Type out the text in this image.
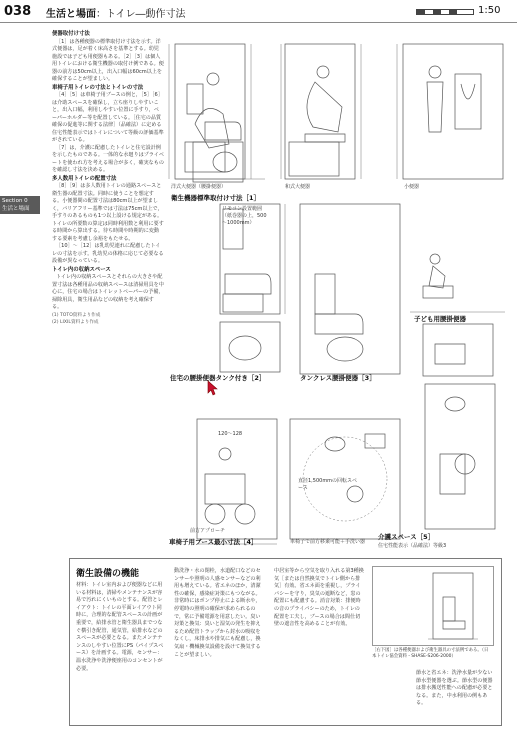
038 生活と場面：トイレ―動作寸法	1:50
Section 0
生活と場面
便器取付け寸法

［1］は各種便器の標準取付け寸法を示す。洋式便器は，足が着く床高さを基準とする。幼児施設では子ども用便器もある。［2］［3］は個人用トイレにおける衛生機器の取付け例である。便器の前方は50cm以上，出入口幅は60cm以上を確保することが望ましい。

車椅子用トイレの寸法とトイレの寸法

［4］［5］は車椅子用ブースの例と，［5］［6］は介助スペースを確保し，立ち座りしやすいこと，出入口幅，利用しやすい位置に手すり，ペーパーホルダー等を配置している。［住宅の品質確保の促進等に関する法律］（品確法）に定める住宅性能表示ではトイレについて等級の評価基準がされている。

［7］は，介護に配慮したトイレと住宅設計例を示したものである。一体的な水廻りはプライベートを使われ方を考える場合が多く，確実なものを確認し寸法を決める。

多人数用トイレの配置寸法

［8］［9］は多人数用トイレの通路スペースと衛生器の配置寸法。同時に使うことを想定する。小便器間の配置寸法は80cm以上が望ましく，バリアフリー基準では寸法は75cm以上で，手すりのあるものも1つ以上設ける規定がある。トイレの所要数の算定は同時利用数と利用に要する時間から算出する。待ち時間や時期的に変動する要素を考慮し余裕をもたせる。

［10］～［12］は乳幼児連れに配慮したトイレの寸法を示す。乳幼児の体格に応じて必要なる設備が異なっている。

トイレ内の収納スペース

トイレ内の収納スペースとそれらの大きさや配置寸法は各種用品の収納スペースは清掃用具を中心に，住宅の場合はトイレットペーパーの予備，掃除用具，衛生用品などの収納を考え確保する。

(1) TOTO資料より作成

(2) LIXIL資料より作成

洋式大便器（腰掛便器）	和式大便器	小便器
衛生機器標準取付け寸法［1］
リモコン設置範囲（紙巻器の上，500～1000mm）
子ども用腰掛便器
住宅の腰掛便器タンク付き［2］	タンクレス腰掛便器［3］
120～128
直径1,500mmの回転スペース
前方アプローチ
車椅子用ブース最小寸法［4］	車椅子で前方移乗可能＋手洗い器
介護スペース［5］
住宅性能表示（品確法）等級3
衛生設備の機能

材料：トイレ室内および便器などに用いる材料は，清掃やメンテナンスが容易で汚れにくいものとする。配管とレイアウト：トイレの平面レイアウト同時に，合理的な配管スペースの計画が重要で，給排水管と衛生器具までつなぐ横引き配管，通気管，給排水などのスペースが必要となる。またメンテナンスのしやすい位置にPS（パイプスペース）を計画する。電源，センサー：温水洗浄や洗浄便座用のコンセントが必要。

動洗浄・水の閉栓，水道配口などのセンサーや照明の人感センサーなどの利用も増えている。省エネのほか，清潔性の確保，感染症対策にもつながる。非常時にはポンプ停止による断水や，停電時の照明の確保が求められるので，常に予備電源を用意したい。臭い対策と換気：臭いと湿気の発生を抑えるため配管トラップから封水の吸収をなくし，床排水や排気にも配慮し，換気扇・機械換気設備を設けて換気することが望ましい。

中居室等から空気を取り入れる第3種換気［または自然換気でトイレ側から排気］有効。省エネ面を重視し，プライバシーを守り，臭気の遮断など，窓の配置にも配慮する。消音対策：排便時の音のプライバシーのため，トイレの配置を工夫し，ブースの場合は間仕切壁の遮音性を高めることが有効。

［右下図］は各種便器および衛生器具の寸法例である。（日本トイレ協会資料・SHASE-S206-2000）

節水と省エネ：洗浄水量が少ない節水型便器を選ぶ。節水型の便器は排水搬送性能への配慮が必要となる。また，中水利用の例もある。
